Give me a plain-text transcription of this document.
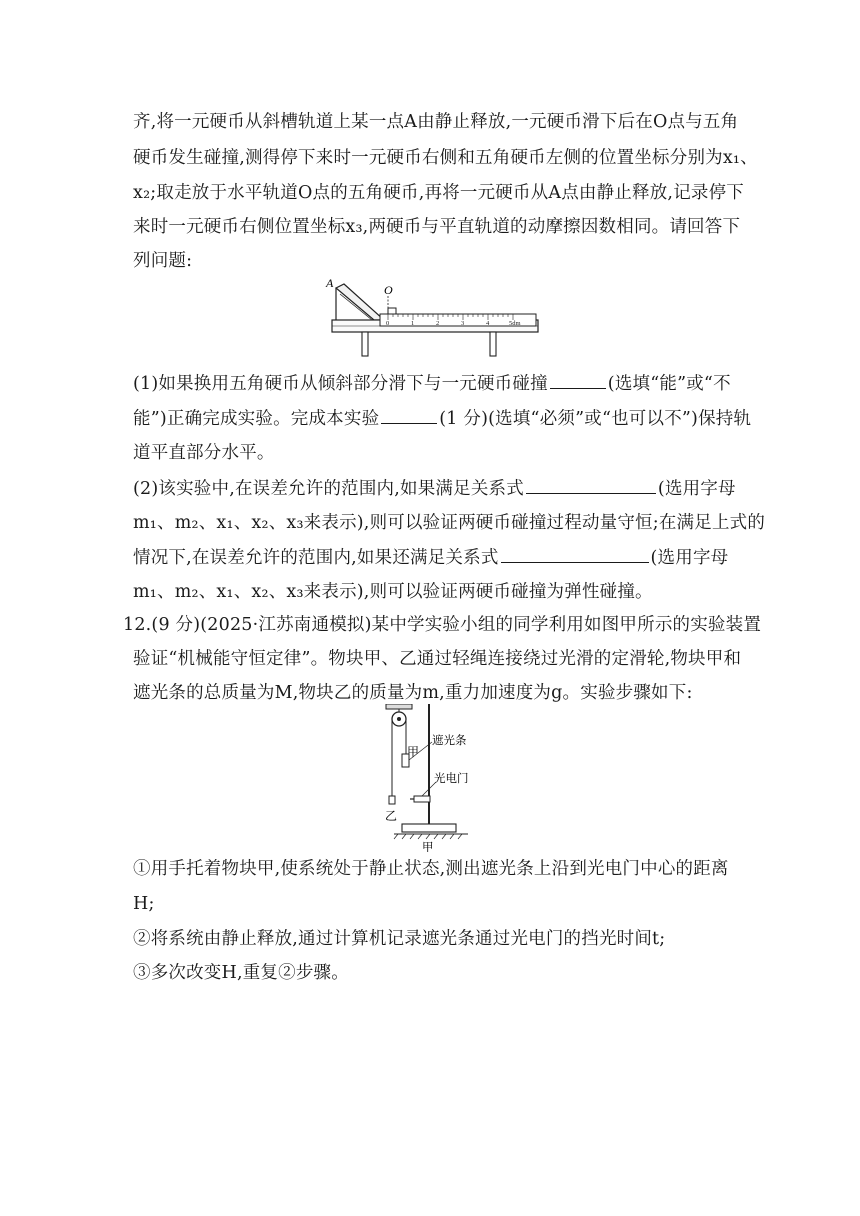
齐,将一元硬币从斜槽轨道上某一点A由静止释放,一元硬币滑下后在O点与五角
硬币发生碰撞,测得停下来时一元硬币右侧和五角硬币左侧的位置坐标分别为x₁、
x₂;取走放于水平轨道O点的五角硬币,再将一元硬币从A点由静止释放,记录停下
来时一元硬币右侧位置坐标x₃,两硬币与平直轨道的动摩擦因数相同。请回答下
列问题:
A
0	1	2	3	4	5dm
O
(1)如果换用五角硬币从倾斜部分滑下与一元硬币碰撞	(选填“能”或“不
能”)正确完成实验。完成本实验	(1 分)(选填“必须”或“也可以不”)保持轨
道平直部分水平。
(2)该实验中,在误差允许的范围内,如果满足关系式	(选用字母
m₁、m₂、x₁、x₂、x₃来表示),则可以验证两硬币碰撞过程动量守恒;在满足上式的
情况下,在误差允许的范围内,如果还满足关系式	(选用字母
m₁、m₂、x₁、x₂、x₃来表示),则可以验证两硬币碰撞为弹性碰撞。
12.(9 分)(2025·江苏南通模拟)某中学实验小组的同学利用如图甲所示的实验装置
验证“机械能守恒定律”。物块甲、乙通过轻绳连接绕过光滑的定滑轮,物块甲和
遮光条的总质量为M,物块乙的质量为m,重力加速度为g。实验步骤如下:
乙
甲
遮光条
光电门
甲
①用手托着物块甲,使系统处于静止状态,测出遮光条上沿到光电门中心的距离
H;
②将系统由静止释放,通过计算机记录遮光条通过光电门的挡光时间t;
③多次改变H,重复②步骤。
